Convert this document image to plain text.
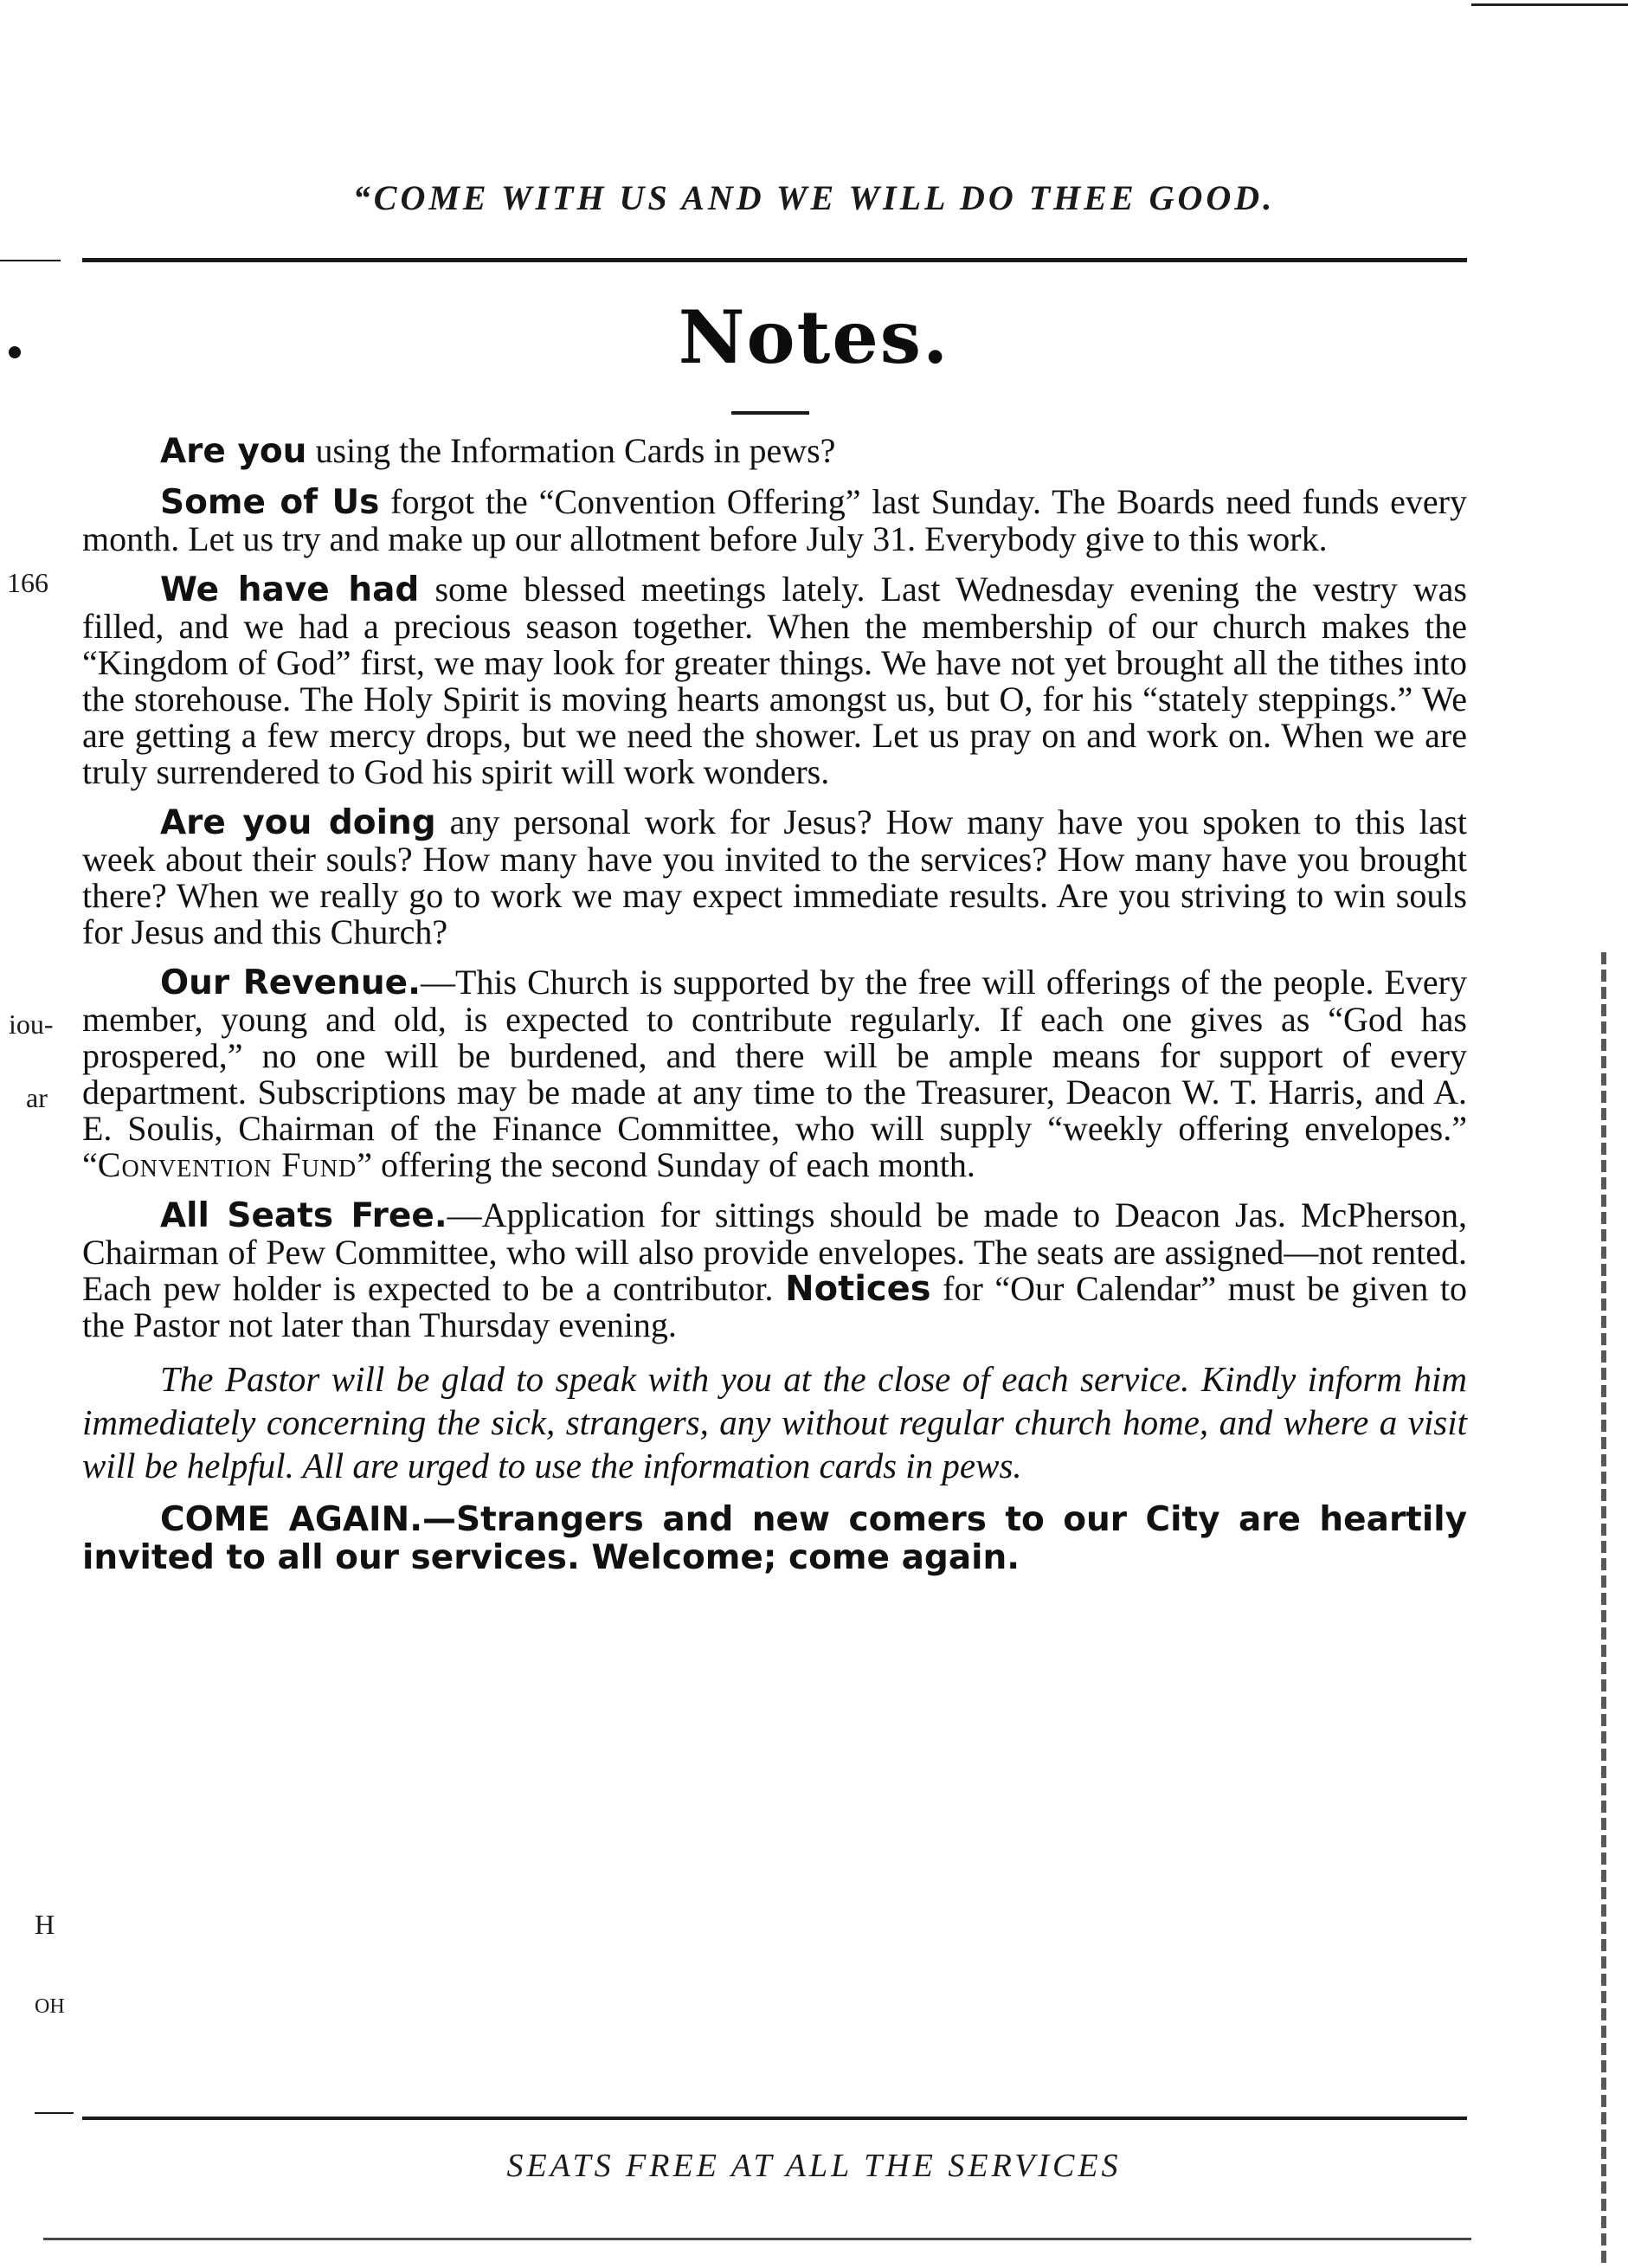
“COME WITH US AND WE WILL DO THEE GOOD.
Notes.

Are you using the Information Cards in pews?

Some of Us forgot the “Convention Offering” last Sunday. The Boards need funds every month. Let us try and make up our allotment before July 31. Everybody give to this work.

We have had some blessed meetings lately. Last Wednesday evening the vestry was filled, and we had a precious season together. When the membership of our church makes the “Kingdom of God” first, we may look for greater things. We have not yet brought all the tithes into the storehouse. The Holy Spirit is moving hearts amongst us, but O, for his “stately steppings.” We are getting a few mercy drops, but we need the shower. Let us pray on and work on. When we are truly surrendered to God his spirit will work wonders.

Are you doing any personal work for Jesus? How many have you spoken to this last week about their souls? How many have you invited to the services? How many have you brought there? When we really go to work we may expect immediate results. Are you striving to win souls for Jesus and this Church?

Our Revenue.—This Church is supported by the free will offerings of the people. Every member, young and old, is expected to contribute regularly. If each one gives as “God has prospered,” no one will be burdened, and there will be ample means for support of every department. Subscriptions may be made at any time to the Treasurer, Deacon W. T. Harris, and A. E. Soulis, Chairman of the Finance Committee, who will supply “weekly offering envelopes.” “Convention Fund” offering the second Sunday of each month.

All Seats Free.—Application for sittings should be made to Deacon Jas. McPherson, Chairman of Pew Committee, who will also provide envelopes. The seats are assigned—not rented. Each pew holder is expected to be a contributor. Notices for “Our Calendar” must be given to the Pastor not later than Thursday evening.

The Pastor will be glad to speak with you at the close of each service. Kindly inform him immediately concerning the sick, strangers, any without regular church home, and where a visit will be helpful. All are urged to use the information cards in pews.

COME AGAIN.—Strangers and new comers to our City are heartily invited to all our services. Welcome; come again.

166
iou-
ar
H
OH
SEATS FREE AT ALL THE SERVICES
